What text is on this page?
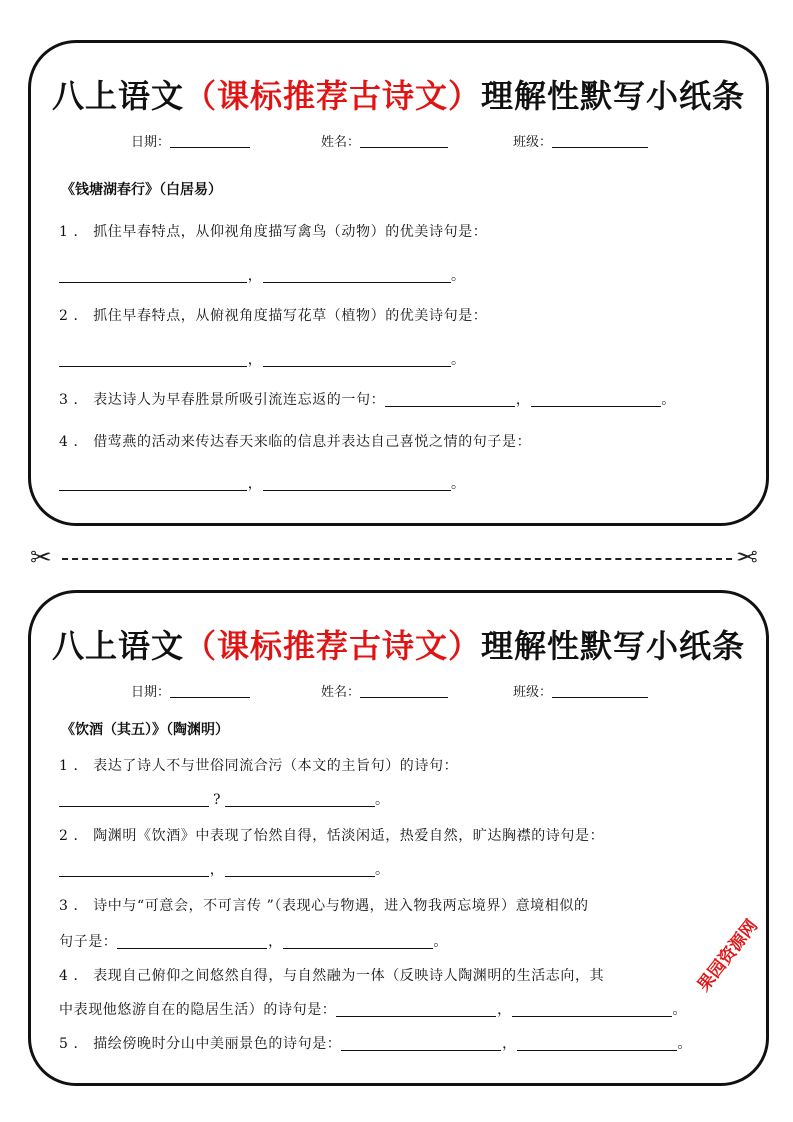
八上语文（课标推荐古诗文）理解性默写小纸条
日期：	姓名：	班级：
《钱塘湖春行》（白居易）
1 ． 抓住早春特点，从仰视角度描写禽鸟（动物）的优美诗句是：
，	。
2 ． 抓住早春特点，从俯视角度描写花草（植物）的优美诗句是：
，	。
3 ． 表达诗人为早春胜景所吸引流连忘返的一句：	，	。
4 ． 借莺燕的活动来传达春天来临的信息并表达自己喜悦之情的句子是：
，	。
✂	✂
八上语文（课标推荐古诗文）理解性默写小纸条
日期：	姓名：	班级：
《饮酒（其五）》（陶渊明）
1 ． 表达了诗人不与世俗同流合污（本文的主旨句）的诗句：
?	。
2 ． 陶渊明《饮酒》中表现了怡然自得，恬淡闲适，热爱自然，旷达胸襟的诗句是：
，	。
3 ． 诗中与“可意会，不可言传 ”（表现心与物遇，进入物我两忘境界）意境相似的
句子是：	，	。
4 ． 表现自己俯仰之间悠然自得，与自然融为一体（反映诗人陶渊明的生活志向，其
中表现他悠游自在的隐居生活）的诗句是：	，	。
5 ． 描绘傍晚时分山中美丽景色的诗句是：	，	。
果园资源网
